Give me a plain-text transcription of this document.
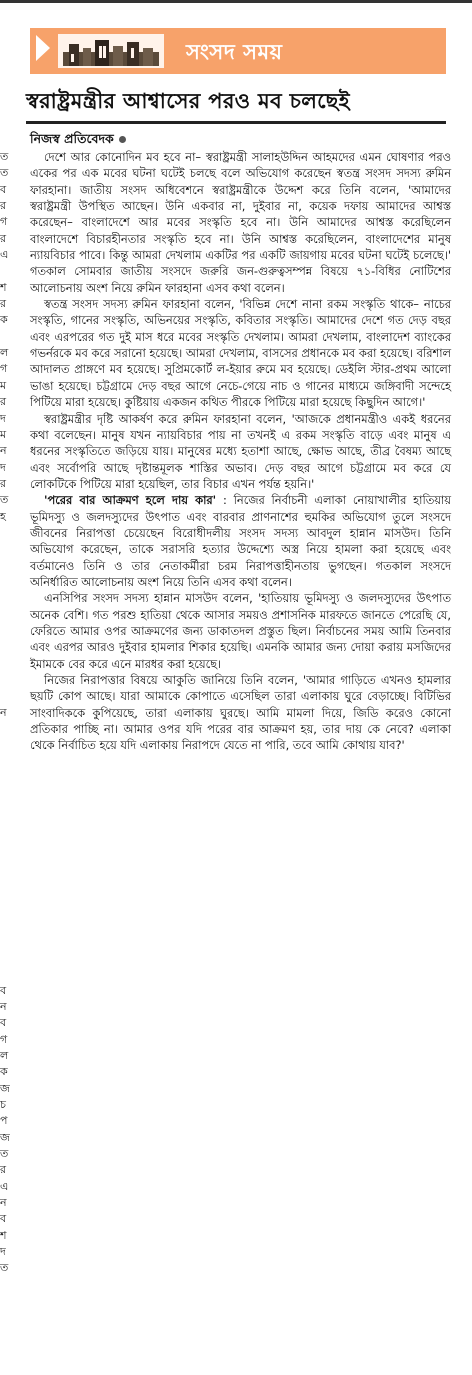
সংসদ সময়
স্বরাষ্ট্রমন্ত্রীর আশ্বাসের পরও মব চলছেই
নিজস্ব প্রতিবেদক
ত
ত
ব
র
গ
র
এ

শ
র
ক

ল
গ
ম
র
দ
ম
ন
দ
র
ত
হ

ন

ব
ন
ব
গ
ল
ক
জ
চ
প
জ
ত
র
এ
ন
ব
শ
দ
ত

দেশে আর কোনোদিন মব হবে না– স্বরাষ্ট্রমন্ত্রী সালাহউদ্দিন আহমদের এমন ঘোষণার পরও একের পর এক মবের ঘটনা ঘটেই চলছে বলে অভিযোগ করেছেন স্বতন্ত্র সংসদ সদস্য রুমিন ফারহানা। জাতীয় সংসদ অধিবেশনে স্বরাষ্ট্রমন্ত্রীকে উদ্দেশ করে তিনি বলেন, 'আমাদের স্বরাষ্ট্রমন্ত্রী উপস্থিত আছেন। উনি একবার না, দুইবার না, কয়েক দফায় আমাদের আশ্বস্ত করেছেন– বাংলাদেশে আর মবের সংস্কৃতি হবে না। উনি আমাদের আশ্বস্ত করেছিলেন বাংলাদেশে বিচারহীনতার সংস্কৃতি হবে না। উনি আশ্বস্ত করেছিলেন, বাংলাদেশের মানুষ ন্যায়বিচার পাবে। কিন্তু আমরা দেখলাম একটির পর একটি জায়গায় মবের ঘটনা ঘটেই চলেছে।' গতকাল সোমবার জাতীয় সংসদে জরুরি জন-গুরুত্বসম্পন্ন বিষয়ে ৭১-বিধির নোটিশের আলোচনায় অংশ নিয়ে রুমিন ফারহানা এসব কথা বলেন।

স্বতন্ত্র সংসদ সদস্য রুমিন ফারহানা বলেন, 'বিভিন্ন দেশে নানা রকম সংস্কৃতি থাকে– নাচের সংস্কৃতি, গানের সংস্কৃতি, অভিনয়ের সংস্কৃতি, কবিতার সংস্কৃতি। আমাদের দেশে গত দেড় বছর এবং এরপরের গত দুই মাস ধরে মবের সংস্কৃতি দেখলাম। আমরা দেখলাম, বাংলাদেশ ব্যাংকের গভর্নরকে মব করে সরানো হয়েছে। আমরা দেখলাম, বাসসের প্রধানকে মব করা হয়েছে। বরিশাল আদালত প্রাঙ্গণে মব হয়েছে। সুপ্রিমকোর্ট ল-ইয়ার রুমে মব হয়েছে। ডেইলি স্টার-প্রথম আলো ভাঙা হয়েছে। চট্টগ্রামে দেড় বছর আগে নেচে-গেয়ে নাচ ও গানের মাধ্যমে জঙ্গিবাদী সন্দেহে পিটিয়ে মারা হয়েছে। কুষ্টিয়ায় একজন কথিত পীরকে পিটিয়ে মারা হয়েছে কিছুদিন আগে।'

স্বরাষ্ট্রমন্ত্রীর দৃষ্টি আকর্ষণ করে রুমিন ফারহানা বলেন, 'আজকে প্রধানমন্ত্রীও একই ধরনের কথা বলেছেন। মানুষ যখন ন্যায়বিচার পায় না তখনই এ রকম সংস্কৃতি বাড়ে এবং মানুষ এ ধরনের সংস্কৃতিতে জড়িয়ে যায়। মানুষের মধ্যে হতাশা আছে, ক্ষোভ আছে, তীব্র বৈষম্য আছে এবং সর্বোপরি আছে দৃষ্টান্তমূলক শাস্তির অভাব। দেড় বছর আগে চট্টগ্রামে মব করে যে লোকটিকে পিটিয়ে মারা হয়েছিল, তার বিচার এখন পর্যন্ত হয়নি।'

'পরের বার আক্রমণ হলে দায় কার' : নিজের নির্বাচনী এলাকা নোয়াখালীর হাতিয়ায় ভূমিদস্যু ও জলদস্যুদের উৎপাত এবং বারবার প্রাণনাশের হুমকির অভিযোগ তুলে সংসদে জীবনের নিরাপত্তা চেয়েছেন বিরোধীদলীয় সংসদ সদস্য আবদুল হান্নান মাসউদ। তিনি অভিযোগ করেছেন, তাকে সরাসরি হত্যার উদ্দেশ্যে অস্ত্র নিয়ে হামলা করা হয়েছে এবং বর্তমানেও তিনি ও তার নেতাকর্মীরা চরম নিরাপত্তাহীনতায় ভুগছেন। গতকাল সংসদে অনির্ধারিত আলোচনায় অংশ নিয়ে তিনি এসব কথা বলেন।

এনসিপির সংসদ সদস্য হান্নান মাসউদ বলেন, 'হাতিয়ায় ভূমিদস্যু ও জলদস্যুদের উৎপাত অনেক বেশি। গত পরশু হাতিয়া থেকে আসার সময়ও প্রশাসনিক মারফতে জানতে পেরেছি যে, ফেরিতে আমার ওপর আক্রমণের জন্য ডাকাতদল প্রস্তুত ছিল। নির্বাচনের সময় আমি তিনবার এবং এরপর আরও দুইবার হামলার শিকার হয়েছি। এমনকি আমার জন্য দোয়া করায় মসজিদের ইমামকে বের করে এনে মারধর করা হয়েছে।

নিজের নিরাপত্তার বিষয়ে আকুতি জানিয়ে তিনি বলেন, 'আমার গাড়িতে এখনও হামলার ছয়টি কোপ আছে। যারা আমাকে কোপাতে এসেছিল তারা এলাকায় ঘুরে বেড়াচ্ছে। বিটিভির সাংবাদিককে কুপিয়েছে, তারা এলাকায় ঘুরছে। আমি মামলা দিয়ে, জিডি করেও কোনো প্রতিকার পাচ্ছি না। আমার ওপর যদি পরের বার আক্রমণ হয়, তার দায় কে নেবে? এলাকা থেকে নির্বাচিত হয়ে যদি এলাকায় নিরাপদে যেতে না পারি, তবে আমি কোথায় যাব?'
